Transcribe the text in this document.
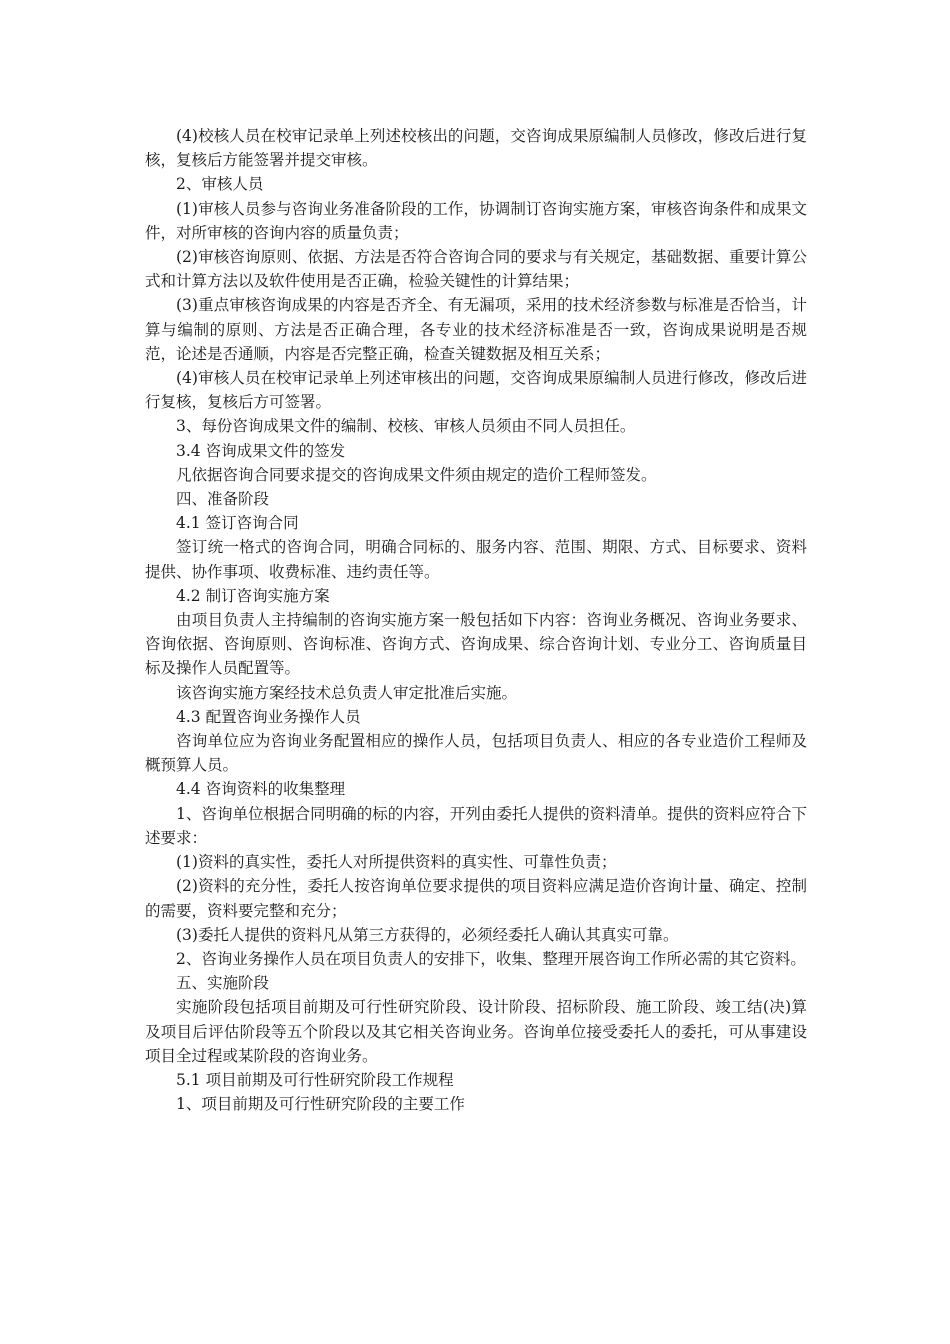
(4)校核人员在校审记录单上列述校核出的问题，交咨询成果原编制人员修改，修改后进行复核，复核后方能签署并提交审核。

2、审核人员

(1)审核人员参与咨询业务准备阶段的工作，协调制订咨询实施方案，审核咨询条件和成果文件，对所审核的咨询内容的质量负责；

(2)审核咨询原则、依据、方法是否符合咨询合同的要求与有关规定，基础数据、重要计算公式和计算方法以及软件使用是否正确，检验关键性的计算结果；

(3)重点审核咨询成果的内容是否齐全、有无漏项，采用的技术经济参数与标准是否恰当，计算与编制的原则、方法是否正确合理，各专业的技术经济标准是否一致，咨询成果说明是否规范，论述是否通顺，内容是否完整正确，检查关键数据及相互关系；

(4)审核人员在校审记录单上列述审核出的问题，交咨询成果原编制人员进行修改，修改后进行复核，复核后方可签署。

3、每份咨询成果文件的编制、校核、审核人员须由不同人员担任。

3.4 咨询成果文件的签发

凡依据咨询合同要求提交的咨询成果文件须由规定的造价工程师签发。

四、准备阶段

4.1 签订咨询合同

签订统一格式的咨询合同，明确合同标的、服务内容、范围、期限、方式、目标要求、资料提供、协作事项、收费标准、违约责任等。

4.2 制订咨询实施方案

由项目负责人主持编制的咨询实施方案一般包括如下内容：咨询业务概况、咨询业务要求、咨询依据、咨询原则、咨询标准、咨询方式、咨询成果、综合咨询计划、专业分工、咨询质量目标及操作人员配置等。

该咨询实施方案经技术总负责人审定批准后实施。

4.3 配置咨询业务操作人员

咨询单位应为咨询业务配置相应的操作人员，包括项目负责人、相应的各专业造价工程师及概预算人员。

4.4 咨询资料的收集整理

1、咨询单位根据合同明确的标的内容，开列由委托人提供的资料清单。提供的资料应符合下述要求：

(1)资料的真实性，委托人对所提供资料的真实性、可靠性负责；

(2)资料的充分性，委托人按咨询单位要求提供的项目资料应满足造价咨询计量、确定、控制的需要，资料要完整和充分；

(3)委托人提供的资料凡从第三方获得的，必须经委托人确认其真实可靠。

2、咨询业务操作人员在项目负责人的安排下，收集、整理开展咨询工作所必需的其它资料。

五、实施阶段

实施阶段包括项目前期及可行性研究阶段、设计阶段、招标阶段、施工阶段、竣工结(决)算及项目后评估阶段等五个阶段以及其它相关咨询业务。咨询单位接受委托人的委托，可从事建设项目全过程或某阶段的咨询业务。

5.1 项目前期及可行性研究阶段工作规程

1、项目前期及可行性研究阶段的主要工作
